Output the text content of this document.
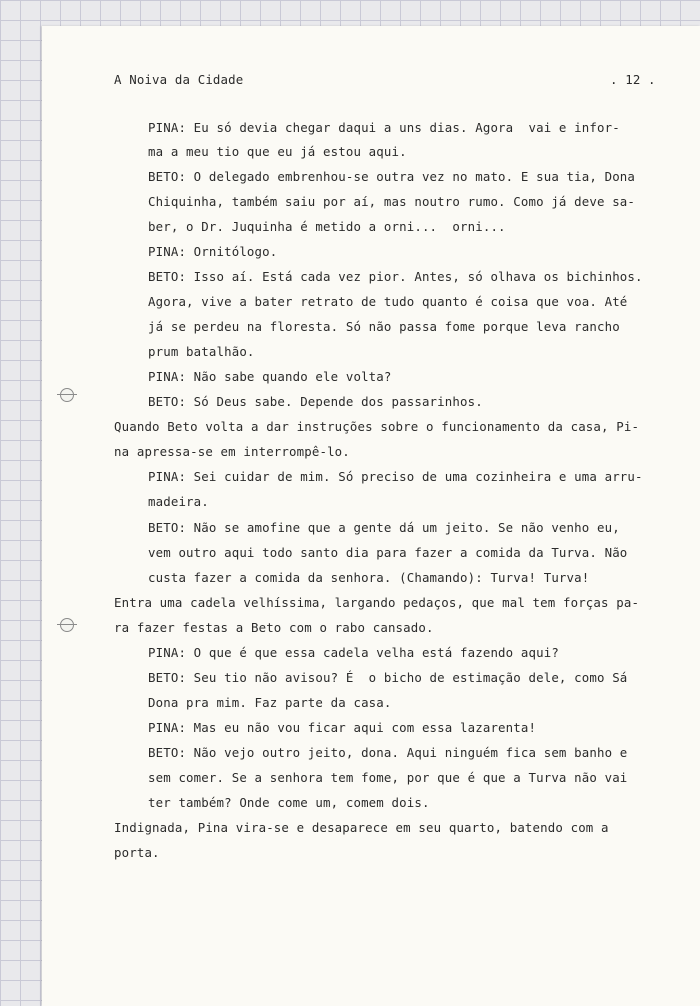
A Noiva da Cidade	. 12 .
PINA: Eu só devia chegar daqui a uns dias. Agora  vai e infor-
ma a meu tio que eu já estou aqui.
BETO: O delegado embrenhou-se outra vez no mato. E sua tia, Dona
Chiquinha, também saiu por aí, mas noutro rumo. Como já deve sa-
ber, o Dr. Juquinha é metido a orni...  orni...
PINA: Ornitólogo.
BETO: Isso aí. Está cada vez pior. Antes, só olhava os bichinhos.
Agora, vive a bater retrato de tudo quanto é coisa que voa. Até
já se perdeu na floresta. Só não passa fome porque leva rancho
prum batalhão.
PINA: Não sabe quando ele volta?
BETO: Só Deus sabe. Depende dos passarinhos.
Quando Beto volta a dar instruções sobre o funcionamento da casa, Pi-
na apressa-se em interrompê-lo.
PINA: Sei cuidar de mim. Só preciso de uma cozinheira e uma arru-
madeira.
BETO: Não se amofine que a gente dá um jeito. Se não venho eu,
vem outro aqui todo santo dia para fazer a comida da Turva. Não
custa fazer a comida da senhora. (Chamando): Turva! Turva!
Entra uma cadela velhíssima, largando pedaços, que mal tem forças pa-
ra fazer festas a Beto com o rabo cansado.
PINA: O que é que essa cadela velha está fazendo aqui?
BETO: Seu tio não avisou? É  o bicho de estimação dele, como Sá
Dona pra mim. Faz parte da casa.
PINA: Mas eu não vou ficar aqui com essa lazarenta!
BETO: Não vejo outro jeito, dona. Aqui ninguém fica sem banho e
sem comer. Se a senhora tem fome, por que é que a Turva não vai
ter também? Onde come um, comem dois.
Indignada, Pina vira-se e desaparece em seu quarto, batendo com a
porta.
